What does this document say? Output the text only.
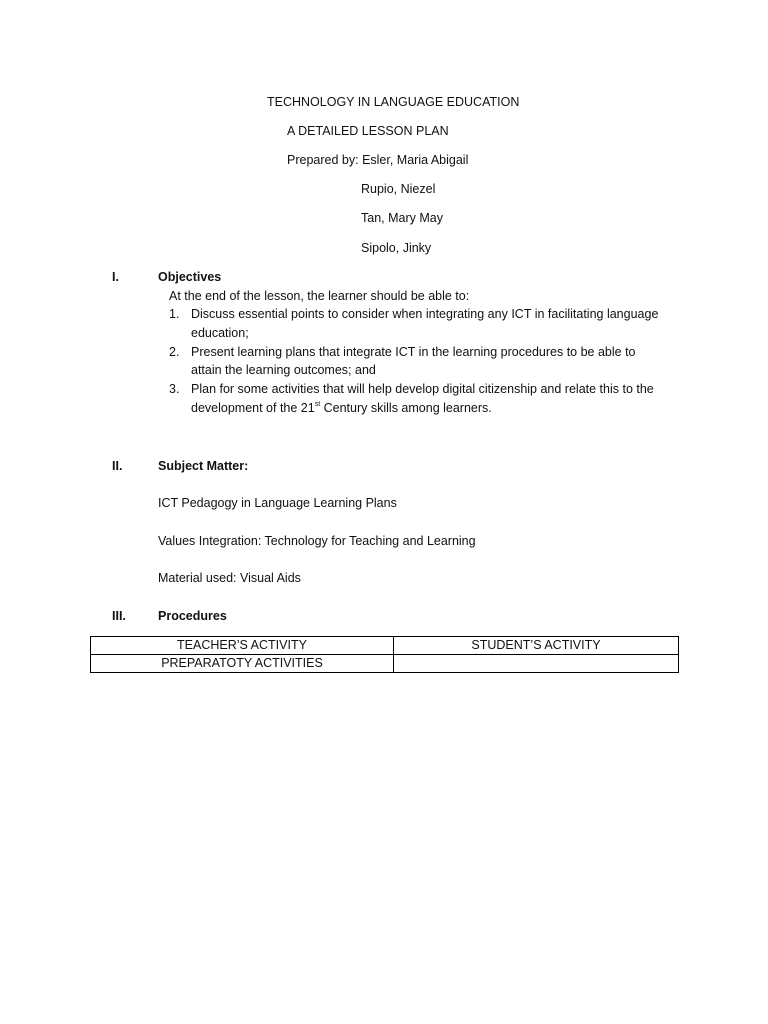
TECHNOLOGY IN LANGUAGE EDUCATION
A DETAILED LESSON PLAN
Prepared by: Esler, Maria Abigail
Rupio, Niezel
Tan, Mary May
Sipolo, Jinky
I.	Objectives
At the end of the lesson, the learner should be able to:
1. Discuss essential points to consider when integrating any ICT in facilitating language
education;
2. Present learning plans that integrate ICT in the learning procedures to be able to
attain the learning outcomes; and
3. Plan for some activities that will help develop digital citizenship and relate this to the
development of the 21st Century skills among learners.
II.	Subject Matter:
ICT Pedagogy in Language Learning Plans
Values Integration: Technology for Teaching and Learning
Material used: Visual Aids
III.	Procedures
TEACHER’S ACTIVITY	STUDENT’S ACTIVITY
PREPARATOTY ACTIVITIES	
